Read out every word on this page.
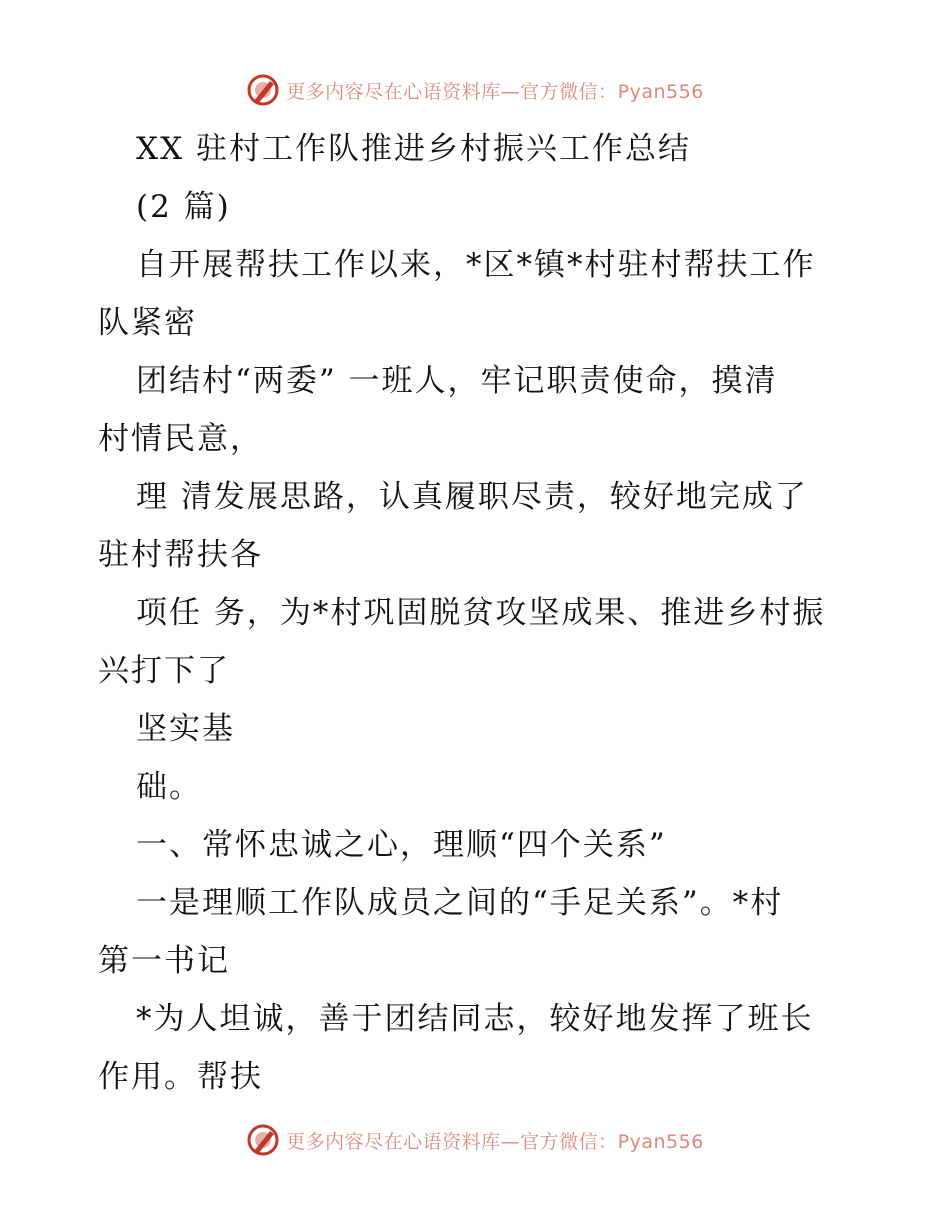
更多内容尽在心语资料库—官方微信：Pyan556
XX 驻村工作队推进乡村振兴工作总结
(2 篇)
自开展帮扶工作以来，*区*镇*村驻村帮扶工作
队紧密
团结村“两委” 一班人，牢记职责使命，摸清
村情民意，
理 清发展思路，认真履职尽责，较好地完成了
驻村帮扶各
项任 务，为*村巩固脱贫攻坚成果、推进乡村振
兴打下了
坚实基
础。
一、常怀忠诚之心，理顺“四个关系”
一是理顺工作队成员之间的“手足关系”。*村
第一书记
*为人坦诚，善于团结同志，较好地发挥了班长
作用。帮扶
更多内容尽在心语资料库—官方微信：Pyan556
